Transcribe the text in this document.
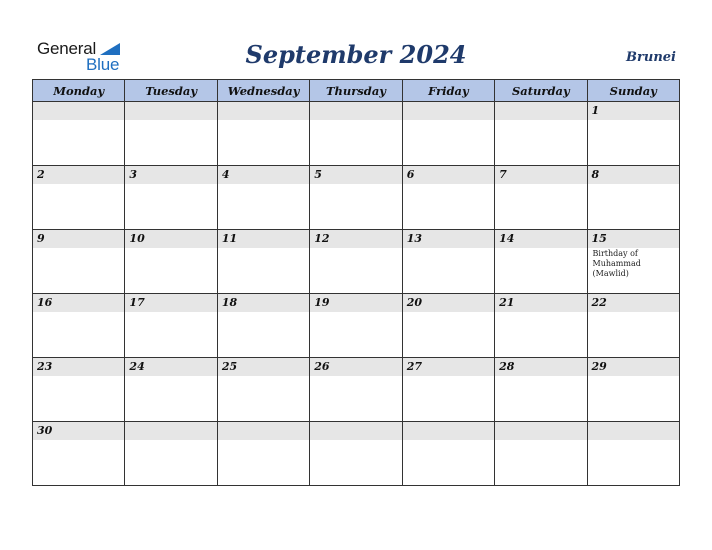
General
Blue	September 2024	Brunei
Monday	Tuesday	Wednesday	Thursday	Friday	Saturday	Sunday

						1

2	3	4	5	6	7	8

9	10	11	12	13	14	15
Birthday of Muhammad (Mawlid)

16	17	18	19	20	21	22

23	24	25	26	27	28	29

30						
